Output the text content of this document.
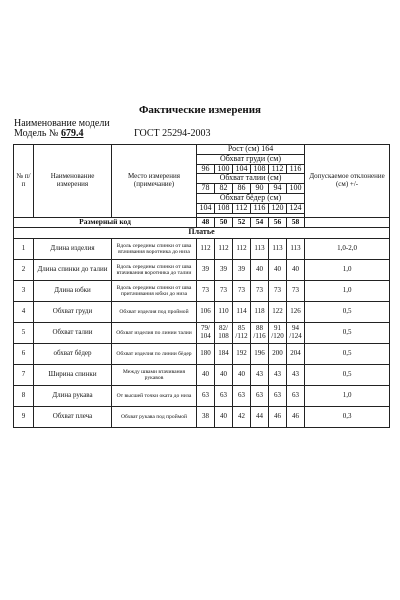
Фактические измерения
Наименование модели
Модель № 679.4	ГОСТ 25294-2003
№ п/п	Наименование измерения	Место измерения (примечание)	Рост (см) 164						Допускаемое отклонение (см) +/-
			Обхват груди (см)						
			96	100	104	108	112	116	
			Обхват талии (см)						
			78	82	86	90	94	100	
			Обхват бёдер (см)						
			104	108	112	116	120	124	

Размерный код			48	50	52	54	56	58	
Платье									
1	Длина изделия	Вдоль середины спинки от шва втачивания воротника до низа	112	112	112	113	113	113	1,0-2,0
2	Длина спинки до талии	Вдоль середины спинки от шва втачивания воротника до талии	39	39	39	40	40	40	1,0
3	Длина юбки	Вдоль середины спинки от шва притачивания юбки до низа	73	73	73	73	73	73	1,0
4	Обхват груди	Обхват изделия под проймой	106	110	114	118	122	126	0,5
5	Обхват талии	Обхват изделия по линии талии	79/ 104	82/ 108	85 /112	88 /116	91 /120	94 /124	0,5
6	обхват бёдер	Обхват изделия по линии бёдер	180	184	192	196	200	204	0,5
7	Ширина спинки	Между швами втачивания рукавов	40	40	40	43	43	43	0,5
8	Длина рукава	От высшей точки оката до низа	63	63	63	63	63	63	1,0
9	Обхват плеча	Обхват рукава под проймой	38	40	42	44	46	46	0,3
